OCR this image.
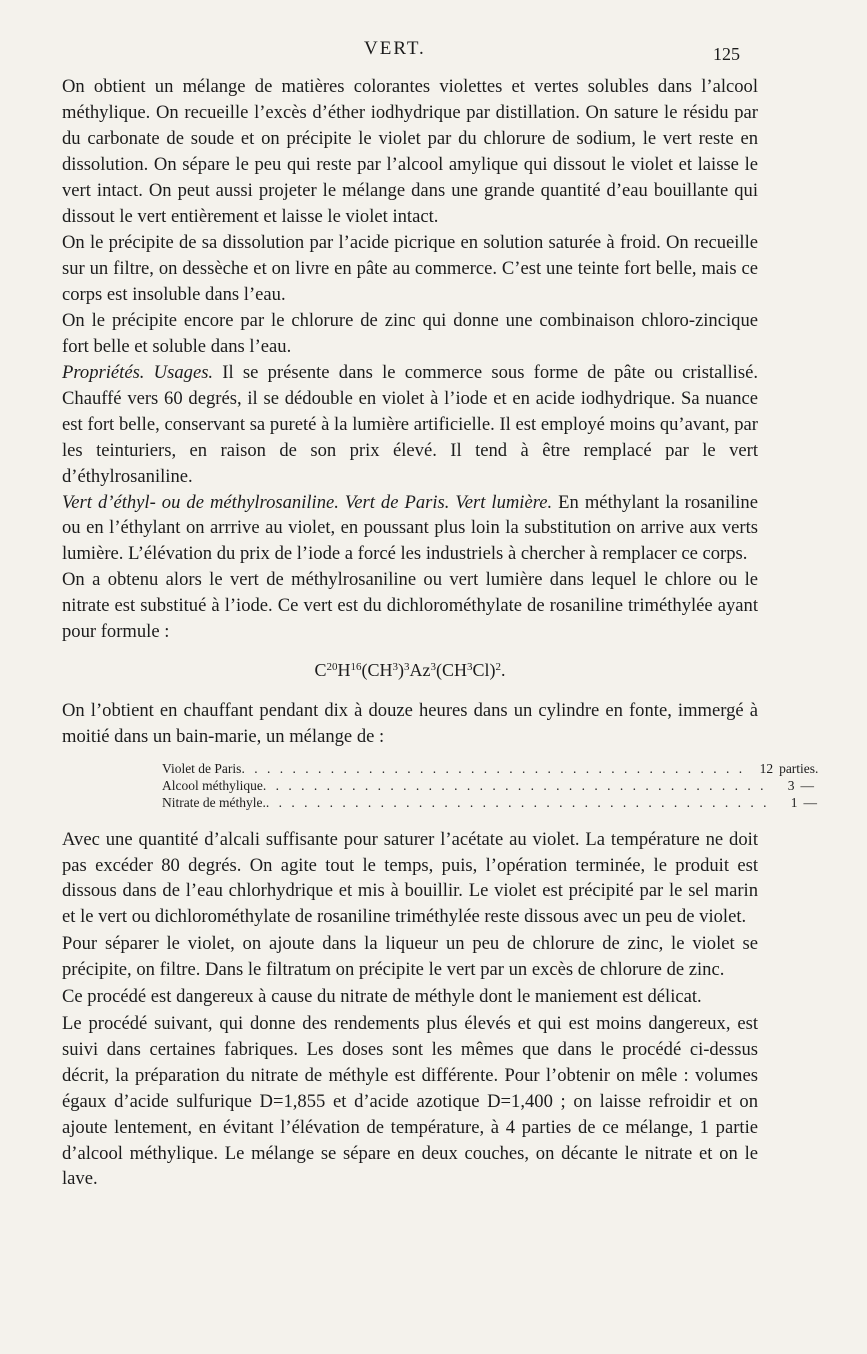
VERT.	125

On obtient un mélange de matières colorantes violettes et vertes solubles dans l’alcool méthylique. On recueille l’excès d’éther iodhydrique par distillation. On sature le résidu par du carbonate de soude et on précipite le violet par du chlorure de sodium, le vert reste en dissolution. On sépare le peu qui reste par l’alcool amylique qui dissout le violet et laisse le vert intact. On peut aussi projeter le mélange dans une grande quantité d’eau bouillante qui dissout le vert entièrement et laisse le violet intact.

On le précipite de sa dissolution par l’acide picrique en solution saturée à froid. On recueille sur un filtre, on dessèche et on livre en pâte au commerce. C’est une teinte fort belle, mais ce corps est insoluble dans l’eau.

On le précipite encore par le chlorure de zinc qui donne une combinaison chloro-zincique fort belle et soluble dans l’eau.

Propriétés. Usages. Il se présente dans le commerce sous forme de pâte ou cristallisé. Chauffé vers 60 degrés, il se dédouble en violet à l’iode et en acide iodhydrique. Sa nuance est fort belle, conservant sa pureté à la lumière artificielle. Il est employé moins qu’avant, par les teinturiers, en raison de son prix élevé. Il tend à être remplacé par le vert d’éthylrosaniline.

Vert d’éthyl- ou de méthylrosaniline. Vert de Paris. Vert lumière. En méthylant la rosaniline ou en l’éthylant on arrrive au violet, en poussant plus loin la substitution on arrive aux verts lumière. L’élévation du prix de l’iode a forcé les industriels à chercher à remplacer ce corps.

On a obtenu alors le vert de méthylrosaniline ou vert lumière dans lequel le chlore ou le nitrate est substitué à l’iode. Ce vert est du dichlorométhylate de rosaniline triméthylée ayant pour formule :

$C^{20}H^{16}(CH^3)^3Az^3(CH^3Cl)^2$.

On l’obtient en chauffant pendant dix à douze heures dans un cylindre en fonte, immergé à moitié dans un bain-marie, un mélange de :

Violet de Paris . . . . . . . . . . . . . . . . . . . . . . . . . . . . . . . . . . . . . . . .	12 parties.
Alcool méthylique . . . . . . . . . . . . . . . . . . . . . . . . . . . . . . . . . . . . . . . .	3 —
Nitrate de méthyle. . . . . . . . . . . . . . . . . . . . . . . . . . . . . . . . . . . . . . . . .	1 —

Avec une quantité d’alcali suffisante pour saturer l’acétate au violet. La température ne doit pas excéder 80 degrés. On agite tout le temps, puis, l’opération terminée, le produit est dissous dans de l’eau chlorhydrique et mis à bouillir. Le violet est précipité par le sel marin et le vert ou dichlorométhylate de rosaniline triméthylée reste dissous avec un peu de violet.

Pour séparer le violet, on ajoute dans la liqueur un peu de chlorure de zinc, le violet se précipite, on filtre. Dans le filtratum on précipite le vert par un excès de chlorure de zinc.

Ce procédé est dangereux à cause du nitrate de méthyle dont le maniement est délicat.

Le procédé suivant, qui donne des rendements plus élevés et qui est moins dangereux, est suivi dans certaines fabriques. Les doses sont les mêmes que dans le procédé ci-dessus décrit, la préparation du nitrate de méthyle est différente. Pour l’obtenir on mêle : volumes égaux d’acide sulfurique D=1,855 et d’acide azotique D=1,400 ; on laisse refroidir et on ajoute lentement, en évitant l’élévation de température, à 4 parties de ce mélange, 1 partie d’alcool méthylique. Le mélange se sépare en deux couches, on décante le nitrate et on le lave.
